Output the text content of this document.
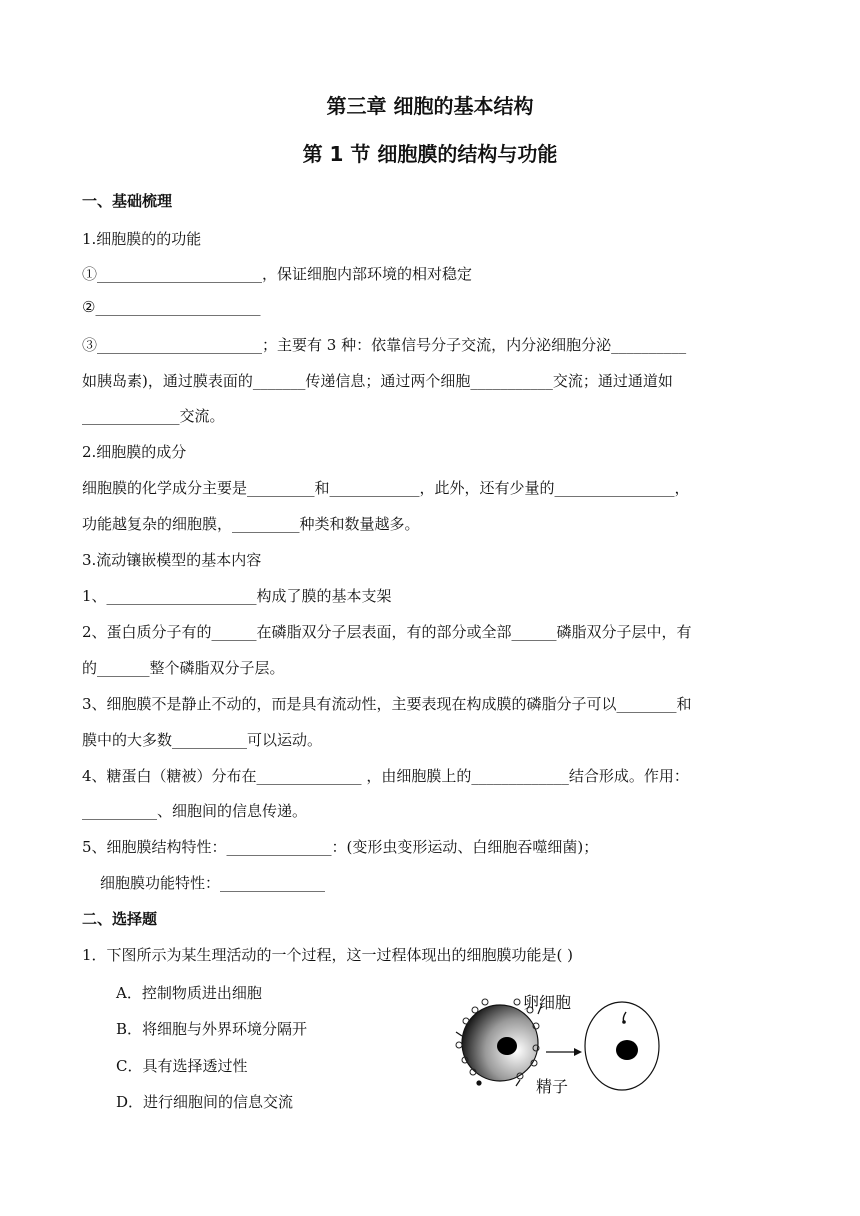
第三章 细胞的基本结构
第 1 节 细胞膜的结构与功能
一、基础梳理
1.细胞膜的的功能
①______________________，保证细胞内部环境的相对稳定
②______________________
③______________________；主要有 3 种：依靠信号分子交流，内分泌细胞分泌__________
如胰岛素)，通过膜表面的_______传递信息；通过两个细胞___________交流；通过通道如
_____________交流。
2.细胞膜的成分
细胞膜的化学成分主要是_________和____________，此外，还有少量的________________，
功能越复杂的细胞膜，_________种类和数量越多。
3.流动镶嵌模型的基本内容
1、____________________构成了膜的基本支架
2、蛋白质分子有的______在磷脂双分子层表面，有的部分或全部______磷脂双分子层中，有
的_______整个磷脂双分子层。
3、细胞膜不是静止不动的，而是具有流动性，主要表现在构成膜的磷脂分子可以________和
膜中的大多数__________可以运动。
4、糖蛋白（糖被）分布在______________ ，由细胞膜上的_____________结合形成。作用：
__________、细胞间的信息传递。
5、细胞膜结构特性：______________：(变形虫变形运动、白细胞吞噬细菌)；
细胞膜功能特性：______________
二、选择题
1．下图所示为某生理活动的一个过程，这一过程体现出的细胞膜功能是( )
A．控制物质进出细胞
B．将细胞与外界环境分隔开
C．具有选择透过性
D．进行细胞间的信息交流
卵细胞
精子
